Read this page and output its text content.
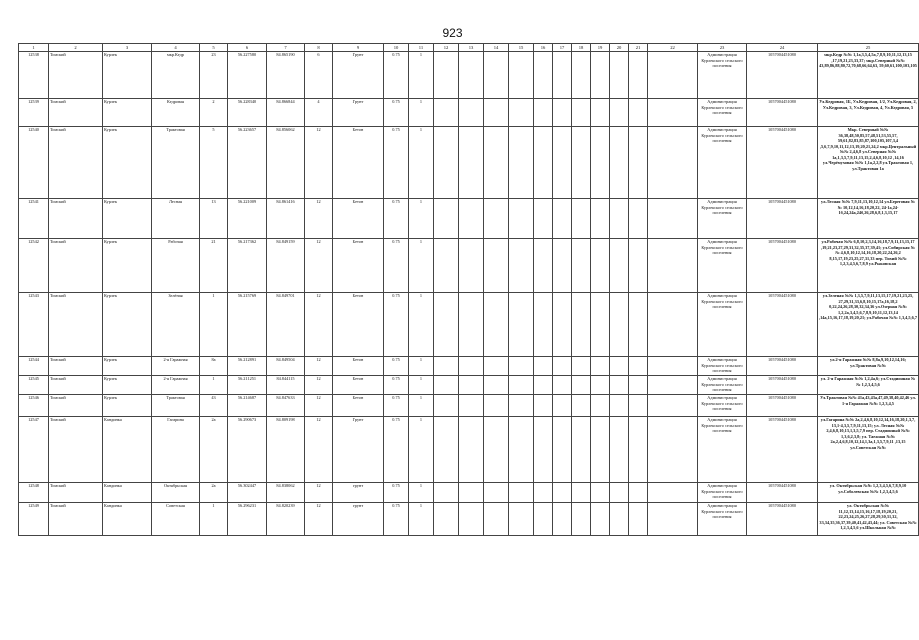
923
1	2	3	4	5	6	7	8	9	10	11	12	13	14	15	16	17	18	19	20	21	22	23	24	25
12538	Томский	Курлек	мкр.Кедр	23	56.227580	84.865190	6	Грунт	0.75	1												Администрация Курлекского сельского поселения	1057004451080	мкр.Кедр №№ 1,1а,3,5,4,5а,7,8,9,10,11,12,13,15 ,17,19,21,23,33,37; мкр.Северный №№ 43,89,86,88,80,72,70,68,66,64,63, 59,60,61,100,103,105
12539	Томский	Курлек	Кедровая	2	56.228340	84.866844	4	Грунт	0.75	1												Администрация Курлекского сельского поселения	1057004451080	Ул.Кедровая, 1Б, Ул.Кедровая, 1/2, Ул.Кедровая, 2, Ул.Кедровая, 3, Ул.Кедровая, 4, Ул.Кедровая, 5
12540	Томский	Курлек	Трактовая	5	56.223657	84.856062	12	Бетон	0.75	1												Администрация Курлекского сельского поселения	1057004451080	Мкр. Северный №№ 36,38,48,50,85,57,48,51,53,55,57, 59,61,82,83,85,87,100,105,107,3,4 ,5,6,7,9,10,11,12,13,19,20,21,24,2 мкр.Центральный №№ 2,4,6,8 ул.Северная №№ 1а,1,3,5,7,9,11,13,15,2,4,6,8,10,12 ,14,16 ул.Черёмуховая №№ 1,1а,2,2,8 ул.Трактовая 1, ул.Трактовая 1а
12541	Томский	Курлек	Лесная	13	56.221009	84.861416	12	Бетон	0.75	1												Администрация Курлекского сельского поселения	1057004451080	ул.Лесная №№ 7,9,11,13,10,12,14 ул.Береговая №№ 10,12,14,16,18,20,22, 24-1а,24- 1б,24,24а,24б,26,28,6,8,1,3,15,17
12542	Томский	Курлек	Рабочая	21	56.217362	84.849159	12	Бетон	0.75	1												Администрация Курлекского сельского поселения	1057004451080	ул.Рабочая №№ 6,8,10,2,3,14,16,18,7,9,11,13,15,17 ,19,21,23,27,29,31,32,35,37,39,41; ул.Сибирская №№ 4,6,8,10,12,14,16,18,20,22,24,26,2 8,15,17,19,23,25,27,31,33 пер. Тихий №№ 1,2,3,4,5,6,7,8,9 ул.Рыковская
12543	Томский	Курлек	Зелёная	1	56.215769	84.849701	12	Бетон	0.75	1												Администрация Курлекского сельского поселения	1057004451080	ул.Зеленая №№ 1,3,5,7,9,11,13,15,17,19,21,23,25, 27,29,31,33,6,8,10,15,17а,16,18,2 0,22,24,26,28,30,32,34,36 ул.Озерная №№ 1,2,2а,3,4,5,6,7,8,9,10,11,12,13,14 ,14а,15,16,17,18,19,20,21; ул.Рабочая №№ 1,3,4,5,6,7
12544	Томский	Курлек	2-я Гаражная	8а	56.212891	84.849504	12	Бетон	0.75	1												Администрация Курлекского сельского поселения	1057004451080	ул.2-я Гаражная №№ 8,8а,9,10,12,14,16; ул.Трактовая №№
12545	Томский	Курлек	2-я Гаражная	1	56.211251	84.844115	12	Бетон	0.75	1												Администрация Курлекского сельского поселения	1057004451080	ул. 2-я Гаражная №№ 1,2,4а,6; ул.Стадионная №№ 1,2,3,4,5,6
12546	Томский	Курлек	Трактовая	43	56.214687	84.847633	12	Бетон	0.75	1												Администрация Курлекского сельского поселения	1057004451080	Ул.Трактовая №№ 41а,43,43а,47,49,38,40,42,46 ул. 1-я Гаражная №№ 1,2,3,4,5
12547	Томский	Кандинка	Гагарина	2а	56.290673	84.809198	12	Грунт	0.75	1												Администрация Курлекского сельского поселения	1057004451080	ул.Гагарина №№ 2а,2,4,6,8,10,12,14,16,18,20,1,3,7, 13,1-4,3,5,7,9,11,13,15; ул. Лесная №№ 2,4,6,8,10,13,1,3,5,7,9 пер. Стадионный №№ 1,3,6,2,3,8; ул. Таежная №№ 2а,2,4,6,8,10,12,14,1,3а,1,3,5,7,9,11 ,13,15 ул.Советская №№
12548	Томский	Кандинка	Октябрьская	2а	56.302447	84.838062	12	грунт	0.75	1												Администрация Курлекского сельского поселения	1057004451080	ул. Октябрьская №№ 1,2,3,4,5,6,7,8,9,10 ул.Соболевская №№ 1,2,3,4,5,6
12549	Томский	Кандинка	Советская	1	56.296231	84.820239	12	грунт	0.75	1												Администрация Курлекского сельского поселения	1057004451080	ул. Октябрьская №№ 11,12,13,14,15,16,17,18,19,20,21, 22,23,24,25,26,27,28,29,30,31,32, 33,34,35,36,37,39,40,41,42,43,44; ул. Советская №№ 1,2,3,4,5,6 ул.Школьная №№
